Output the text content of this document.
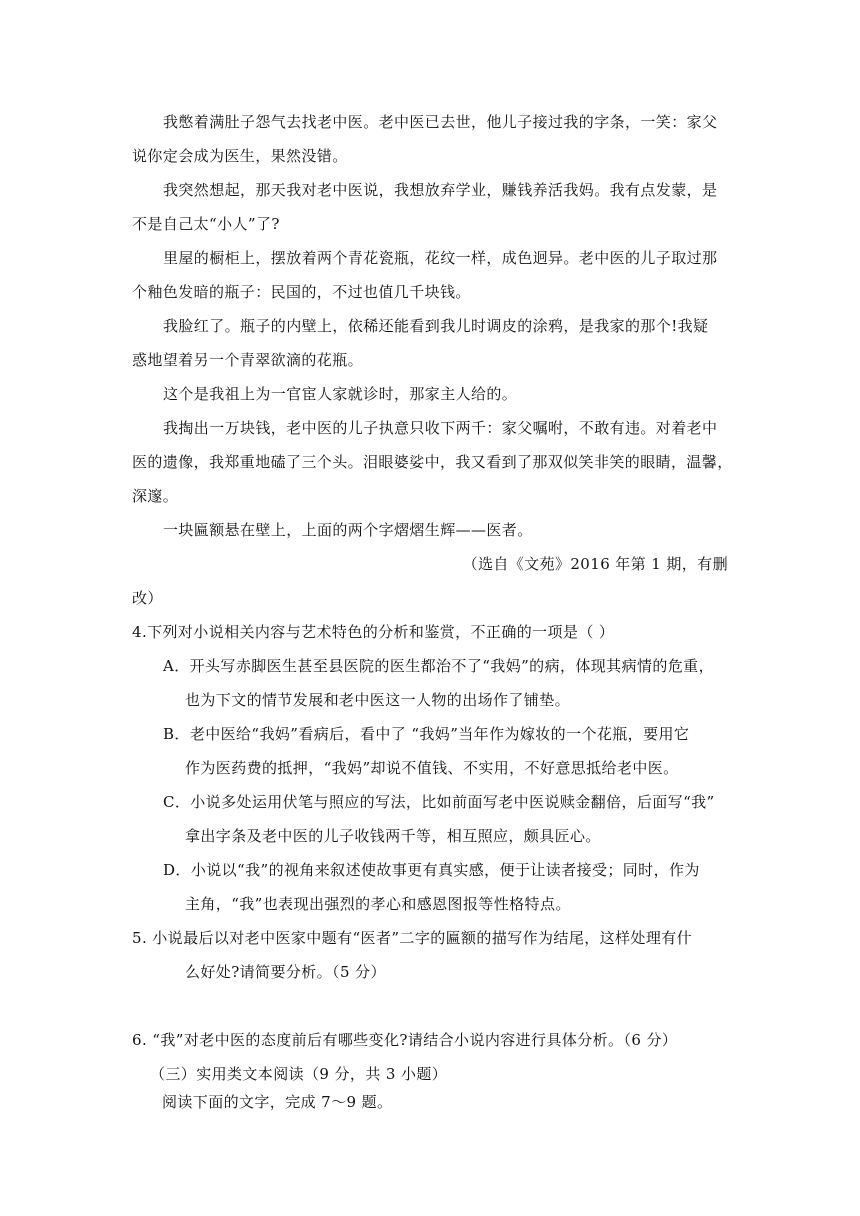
我憋着满肚子怨气去找老中医。老中医已去世，他儿子接过我的字条，一笑：家父
说你定会成为医生，果然没错。
我突然想起，那天我对老中医说，我想放弃学业，赚钱养活我妈。我有点发蒙，是
不是自己太“小人”了?
里屋的橱柜上，摆放着两个青花瓷瓶，花纹一样，成色迥异。老中医的儿子取过那
个釉色发暗的瓶子：民国的，不过也值几千块钱。
我脸红了。瓶子的内壁上，依稀还能看到我儿时调皮的涂鸦，是我家的那个!我疑
惑地望着另一个青翠欲滴的花瓶。
这个是我祖上为一官宦人家就诊时，那家主人给的。
我掏出一万块钱，老中医的儿子执意只收下两千：家父嘱咐，不敢有违。对着老中
医的遗像，我郑重地磕了三个头。泪眼婆娑中，我又看到了那双似笑非笑的眼睛，温馨，
深邃。
一块匾额悬在壁上，上面的两个字熠熠生辉——医者。
（选自《文苑》2016 年第 1 期，有删
改）
4.下列对小说相关内容与艺术特色的分析和鉴赏，不正确的一项是（ ）
A．开头写赤脚医生甚至县医院的医生都治不了“我妈”的病，体现其病情的危重，
也为下文的情节发展和老中医这一人物的出场作了铺垫。
B．老中医给“我妈”看病后，看中了 “我妈”当年作为嫁妆的一个花瓶，要用它
作为医药费的抵押，“我妈”却说不值钱、不实用，不好意思抵给老中医。
C．小说多处运用伏笔与照应的写法，比如前面写老中医说赎金翻倍，后面写“我”
拿出字条及老中医的儿子收钱两千等，相互照应，颇具匠心。
D．小说以“我”的视角来叙述使故事更有真实感，便于让读者接受；同时，作为
主角，“我”也表现出强烈的孝心和感恩图报等性格特点。
5. 小说最后以对老中医家中题有“医者”二字的匾额的描写作为结尾，这样处理有什
么好处?请简要分析。（5 分）
6. “我”对老中医的态度前后有哪些变化?请结合小说内容进行具体分析。（6 分）
（三）实用类文本阅读（9 分，共 3 小题）
阅读下面的文字，完成 7～9 题。
